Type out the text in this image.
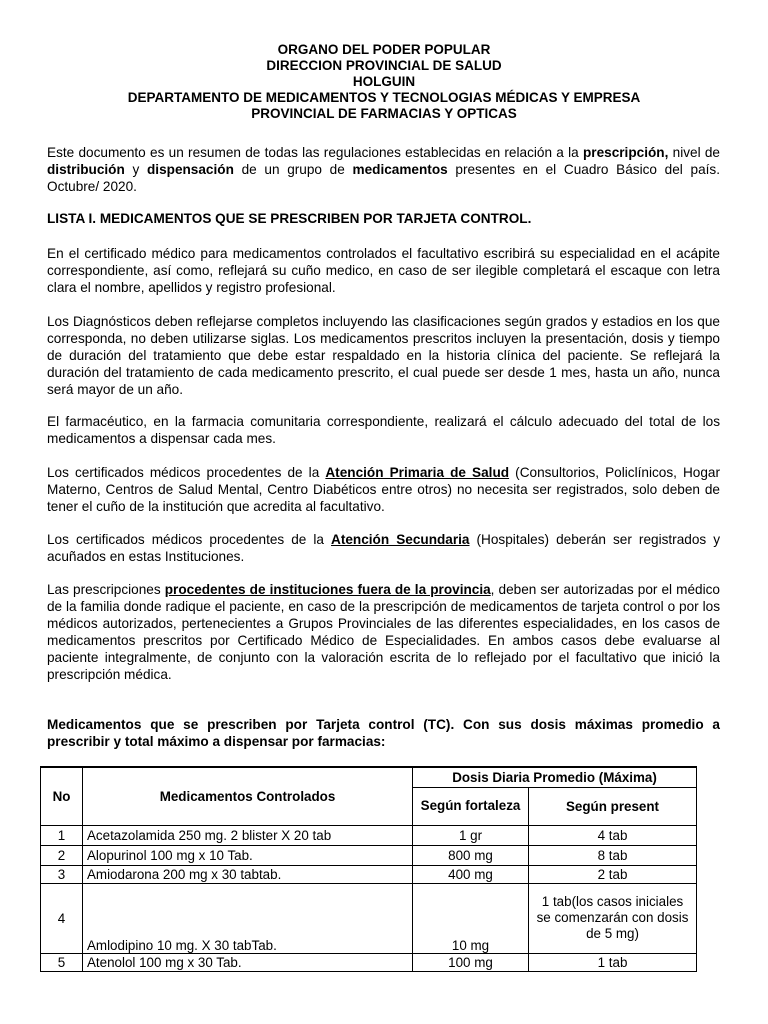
ORGANO DEL PODER POPULAR
DIRECCION PROVINCIAL DE SALUD
HOLGUIN
DEPARTAMENTO DE MEDICAMENTOS Y TECNOLOGIAS MÉDICAS Y EMPRESA
PROVINCIAL DE FARMACIAS Y OPTICAS
Este documento es un resumen de todas las regulaciones establecidas en relación a la prescripción, nivel de distribución y dispensación de un grupo de medicamentos presentes en el Cuadro Básico del país. Octubre/ 2020.
LISTA I. MEDICAMENTOS QUE SE PRESCRIBEN POR TARJETA CONTROL.
En el certificado médico para medicamentos controlados el facultativo escribirá su especialidad en el acápite correspondiente, así como, reflejará su cuño medico, en caso de ser ilegible completará el escaque con letra clara el nombre, apellidos y registro profesional.
Los Diagnósticos deben reflejarse completos incluyendo las clasificaciones según grados y estadios en los que corresponda, no deben utilizarse siglas. Los medicamentos prescritos incluyen la presentación, dosis y tiempo de duración del tratamiento que debe estar respaldado en la historia clínica del paciente. Se reflejará la duración del tratamiento de cada medicamento prescrito, el cual puede ser desde 1 mes, hasta un año, nunca será mayor de un año.
El farmacéutico, en la farmacia comunitaria correspondiente, realizará el cálculo adecuado del total de los medicamentos a dispensar cada mes.
Los certificados médicos procedentes de la Atención Primaria de Salud (Consultorios, Policlínicos, Hogar Materno, Centros de Salud Mental, Centro Diabéticos entre otros) no necesita ser registrados, solo deben de tener el cuño de la institución que acredita al facultativo.
Los certificados médicos procedentes de la Atención Secundaria (Hospitales) deberán ser registrados y acuñados en estas Instituciones.
Las prescripciones procedentes de instituciones fuera de la provincia, deben ser autorizadas por el médico de la familia donde radique el paciente, en caso de la prescripción de medicamentos de tarjeta control o por los médicos autorizados, pertenecientes a Grupos Provinciales de las diferentes especialidades, en los casos de medicamentos prescritos por Certificado Médico de Especialidades. En ambos casos debe evaluarse al paciente integralmente, de conjunto con la valoración escrita de lo reflejado por el facultativo que inició la prescripción médica.
Medicamentos que se prescriben por Tarjeta control (TC). Con sus dosis máximas promedio a prescribir y total máximo a dispensar por farmacias:
No	Medicamentos Controlados	Dosis Diaria Promedio (Máxima)	
		Según fortaleza	Según present
1	Acetazolamida 250 mg. 2 blister X 20 tab	1 gr	4 tab
2	Alopurinol 100 mg x 10 Tab.	800 mg	8 tab
3	Amiodarona 200 mg x 30 tabtab.	400 mg	2 tab
4	Amlodipino 10 mg. X 30 tabTab.	10 mg	1 tab(los casos iniciales se comenzarán con dosis de 5 mg)
5	Atenolol 100 mg x 30 Tab.	100 mg	1 tab
